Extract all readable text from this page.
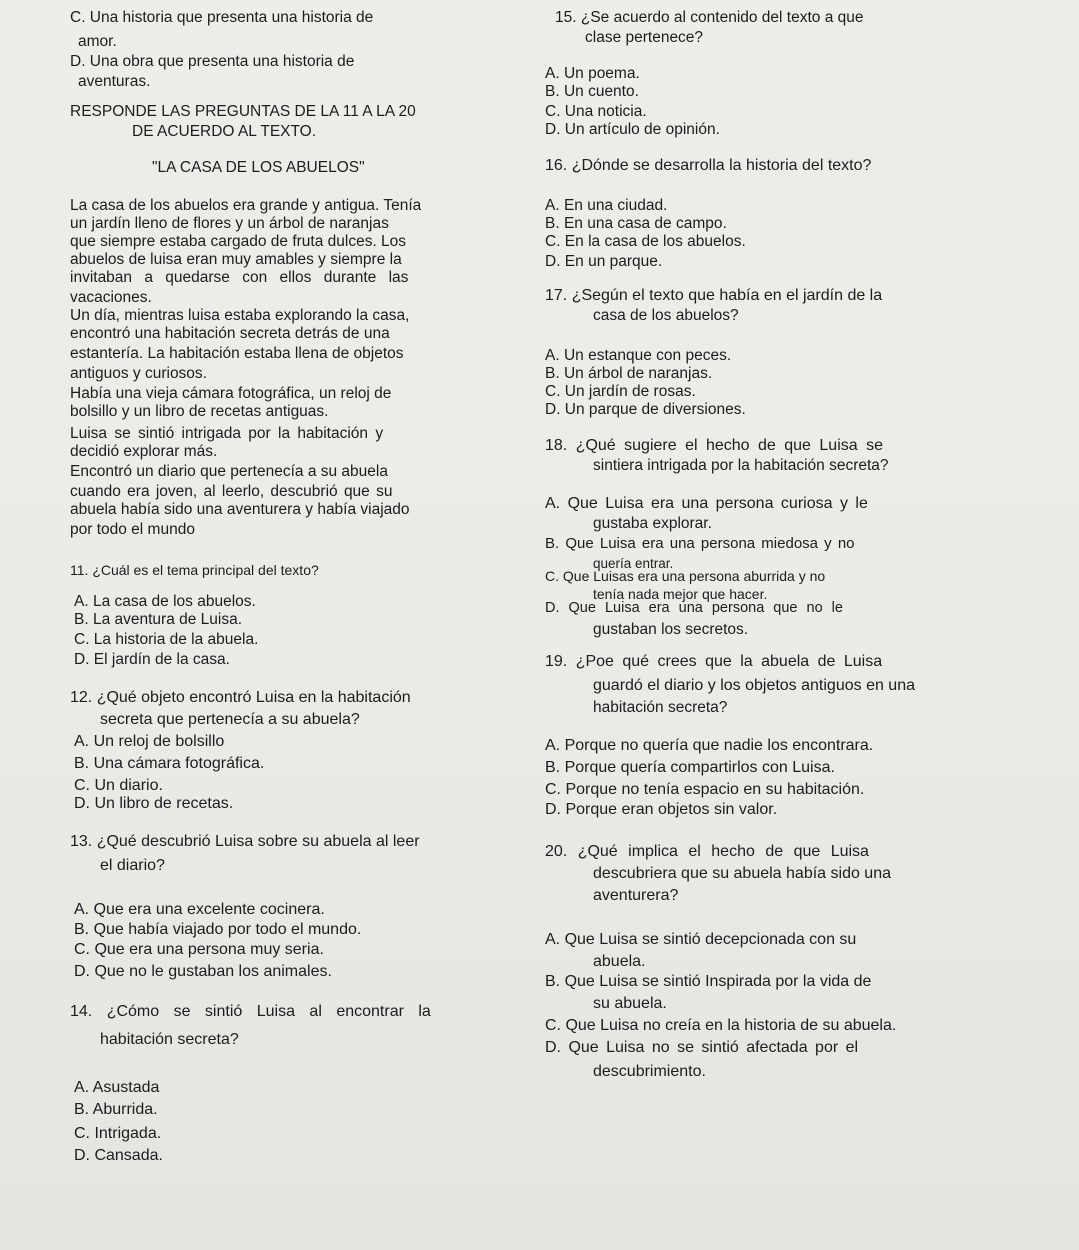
C. Una historia que presenta una historia de
amor.
D. Una obra que presenta una historia de
aventuras.
RESPONDE LAS PREGUNTAS DE LA 11 A LA 20
DE ACUERDO AL TEXTO.
"LA CASA DE LOS ABUELOS"
La casa de los abuelos era grande y antigua. Tenía
un jardín lleno de flores y un árbol de naranjas
que siempre estaba cargado de fruta dulces. Los
abuelos de luisa eran muy amables y siempre la
invitaban a quedarse con ellos durante las
vacaciones.
Un día, mientras luisa estaba explorando la casa,
encontró una habitación secreta detrás de una
estantería. La habitación estaba llena de objetos
antiguos y curiosos.
Había una vieja cámara fotográfica, un reloj de
bolsillo y un libro de recetas antiguas.
Luisa se sintió intrigada por la habitación y
decidió explorar más.
Encontró un diario que pertenecía a su abuela
cuando era joven, al leerlo, descubrió que su
abuela había sido una aventurera y había viajado
por todo el mundo
11. ¿Cuál es el tema principal del texto?
A. La casa de los abuelos.
B. La aventura de Luisa.
C. La historia de la abuela.
D. El jardín de la casa.
12. ¿Qué objeto encontró Luisa en la habitación
secreta que pertenecía a su abuela?
A. Un reloj de bolsillo
B. Una cámara fotográfica.
C. Un diario.
D. Un libro de recetas.
13. ¿Qué descubrió Luisa sobre su abuela al leer
el diario?
A. Que era una excelente cocinera.
B. Que había viajado por todo el mundo.
C. Que era una persona muy seria.
D. Que no le gustaban los animales.
14. ¿Cómo se sintió Luisa al encontrar la
habitación secreta?
A. Asustada
B. Aburrida.
C. Intrigada.
D. Cansada.
15. ¿Se acuerdo al contenido del texto a que
clase pertenece?
A. Un poema.
B. Un cuento.
C. Una noticia.
D. Un artículo de opinión.
16. ¿Dónde se desarrolla la historia del texto?
A. En una ciudad.
B. En una casa de campo.
C. En la casa de los abuelos.
D. En un parque.
17. ¿Según el texto que había en el jardín de la
casa de los abuelos?
A. Un estanque con peces.
B. Un árbol de naranjas.
C. Un jardín de rosas.
D. Un parque de diversiones.
18. ¿Qué sugiere el hecho de que Luisa se
sintiera intrigada por la habitación secreta?
A. Que Luisa era una persona curiosa y le
gustaba explorar.
B. Que Luisa era una persona miedosa y no
quería entrar.
C. Que Luisas era una persona aburrida y no
tenía nada mejor que hacer.
D. Que Luisa era una persona que no le
gustaban los secretos.
19. ¿Poe qué crees que la abuela de Luisa
guardó el diario y los objetos antiguos en una
habitación secreta?
A. Porque no quería que nadie los encontrara.
B. Porque quería compartirlos con Luisa.
C. Porque no tenía espacio en su habitación.
D. Porque eran objetos sin valor.
20. ¿Qué implica el hecho de que Luisa
descubriera que su abuela había sido una
aventurera?
A. Que Luisa se sintió decepcionada con su
abuela.
B. Que Luisa se sintió Inspirada por la vida de
su abuela.
C. Que Luisa no creía en la historia de su abuela.
D. Que Luisa no se sintió afectada por el
descubrimiento.
